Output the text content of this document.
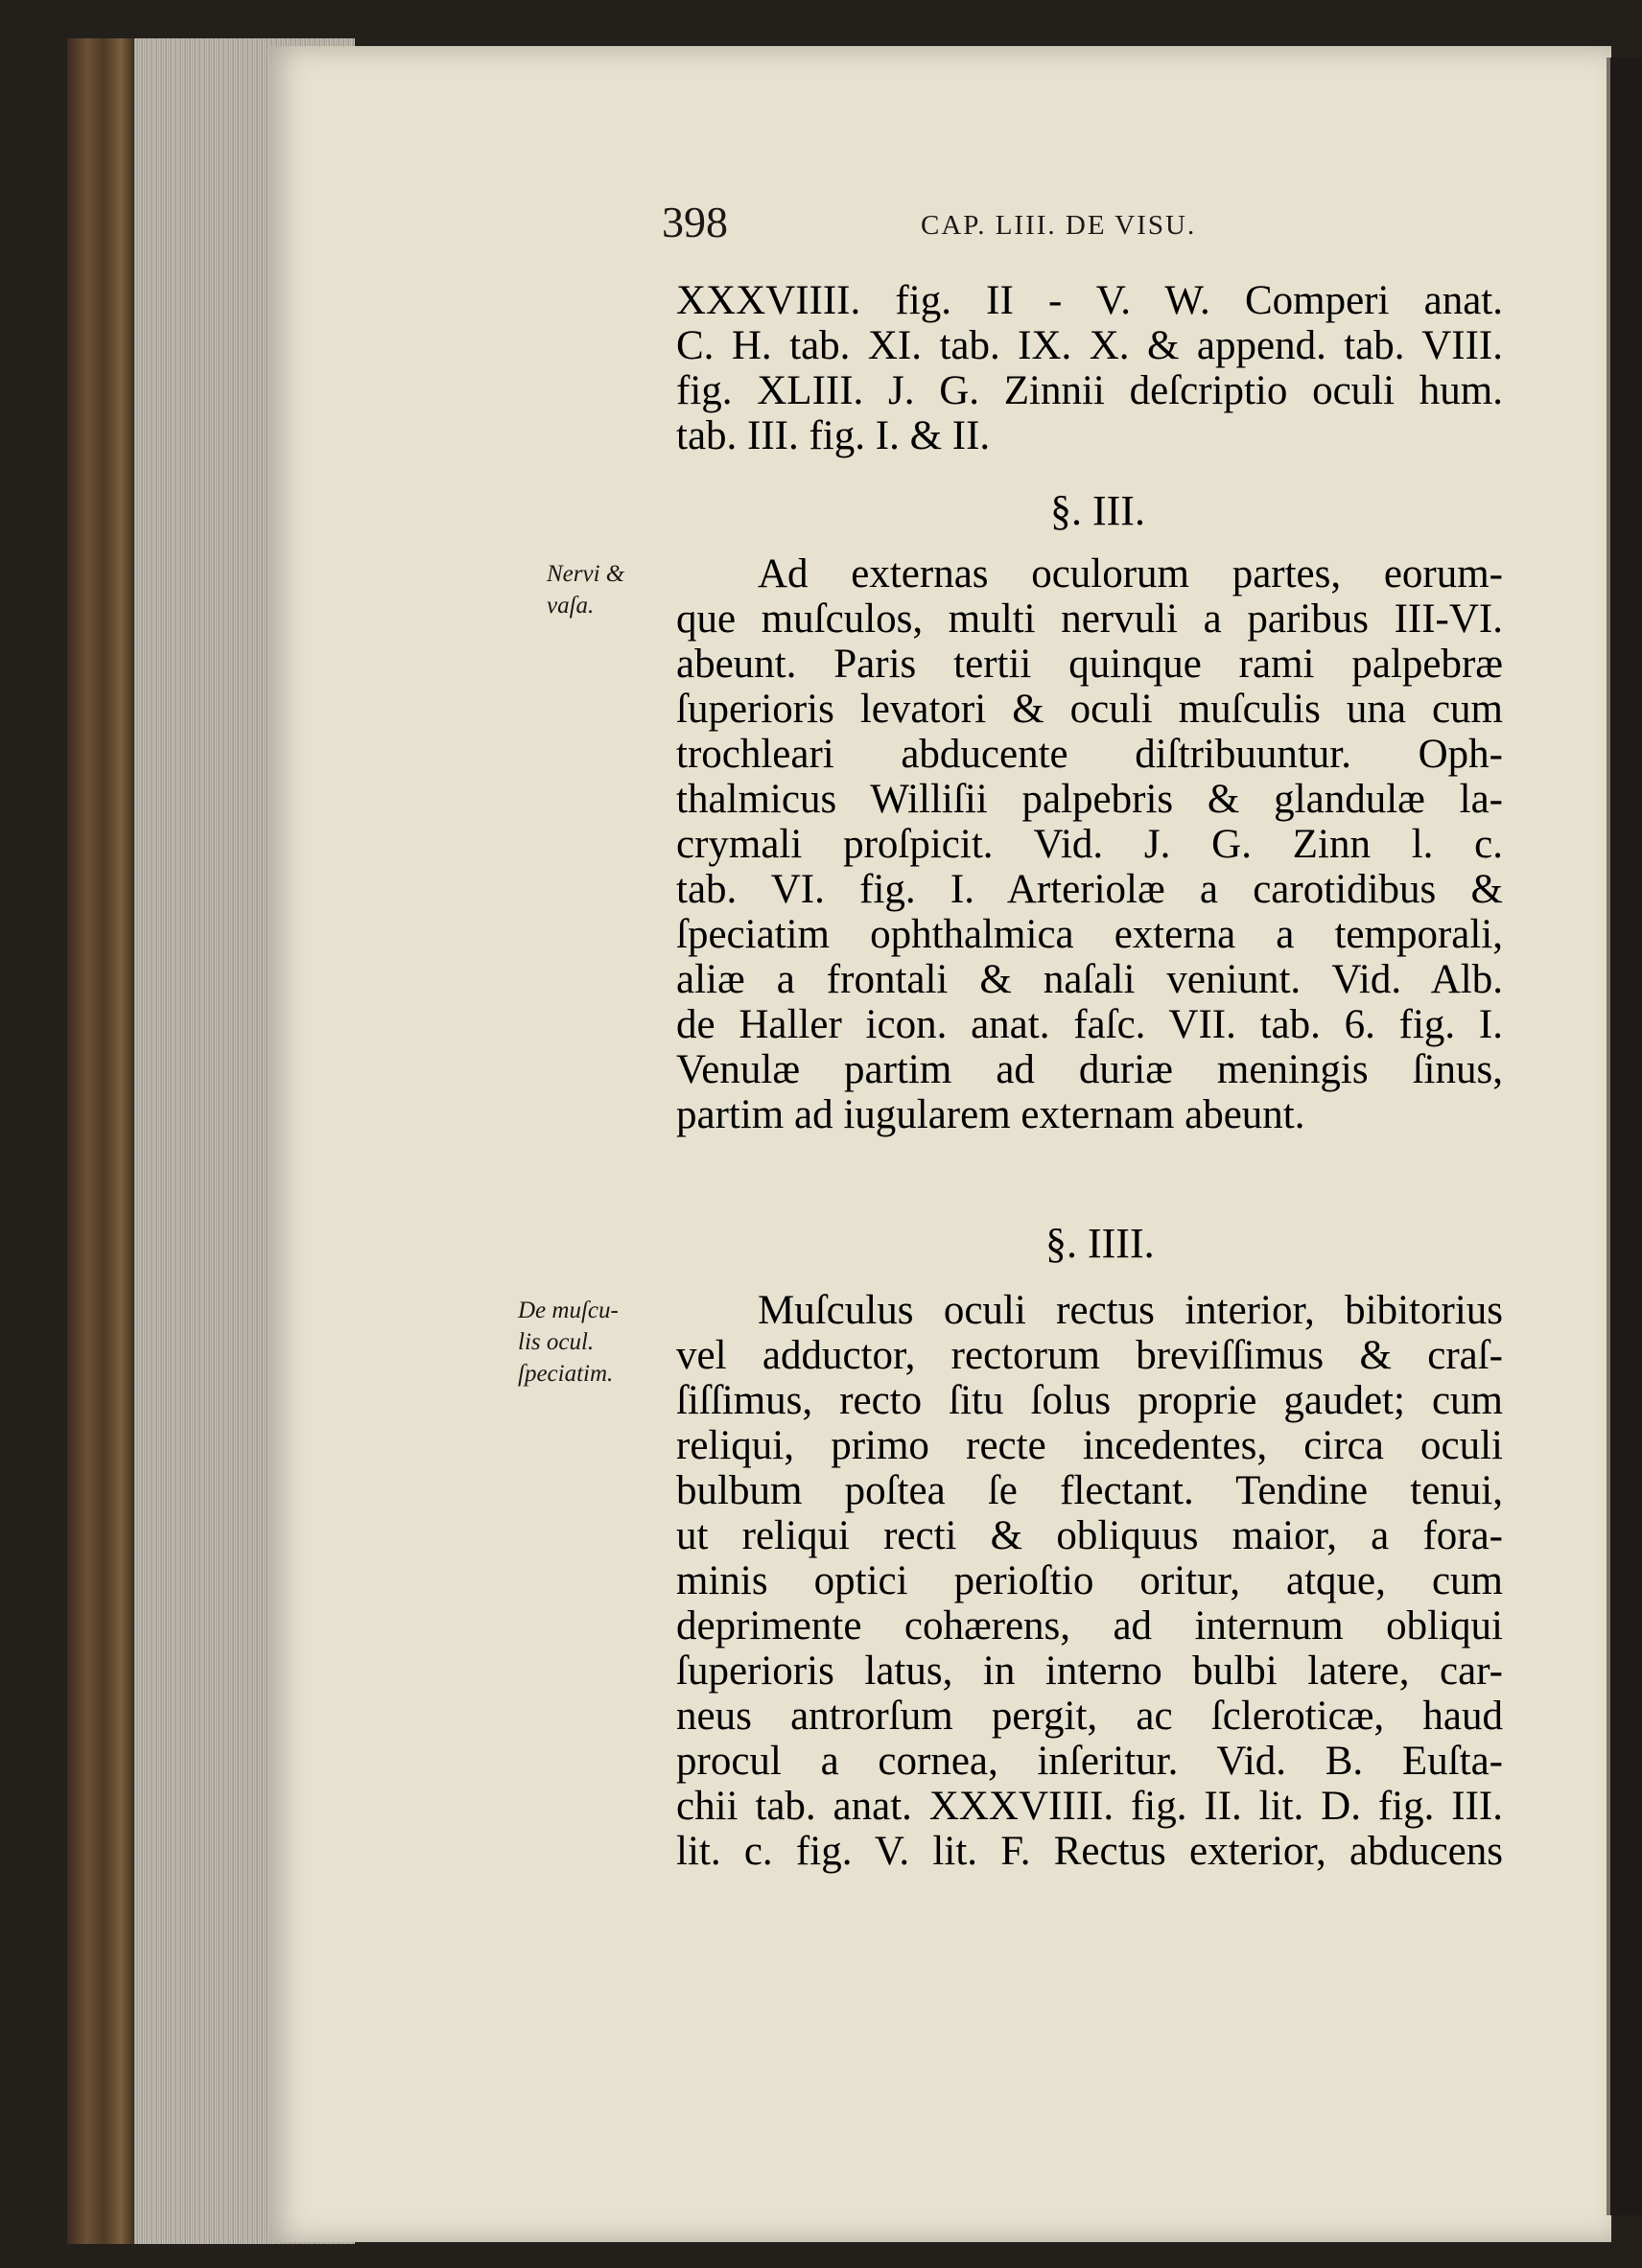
398	CAP. LIII. DE VISU.
XXXVIIII. fig. II - V. W. Comperi anat.
C. H. tab. XI. tab. IX. X. & append. tab. VIII.
fig. XLIII. J. G. Zinnii deſcriptio oculi hum.
tab. III. fig. I. & II.
§. III.
Nervi &
vaſa.
Ad externas oculorum partes, eorum-
que muſculos, multi nervuli a paribus III-VI.
abeunt. Paris tertii quinque rami palpebræ
ſuperioris levatori & oculi muſculis una cum
trochleari abducente diſtribuuntur. Oph-
thalmicus Williſii palpebris & glandulæ la-
crymali proſpicit. Vid. J. G. Zinn l. c.
tab. VI. fig. I. Arteriolæ a carotidibus &
ſpeciatim ophthalmica externa a temporali,
aliæ a frontali & naſali veniunt. Vid. Alb.
de Haller icon. anat. faſc. VII. tab. 6. fig. I.
Venulæ partim ad duriæ meningis ſinus,
partim ad iugularem externam abeunt.
§. IIII.
De muſcu-
lis ocul.
ſpeciatim.
Muſculus oculi rectus interior, bibitorius
vel adductor, rectorum breviſſimus & craſ-
ſiſſimus, recto ſitu ſolus proprie gaudet; cum
reliqui, primo recte incedentes, circa oculi
bulbum poſtea ſe flectant. Tendine tenui,
ut reliqui recti & obliquus maior, a fora-
minis optici perioſtio oritur, atque, cum
deprimente cohærens, ad internum obliqui
ſuperioris latus, in interno bulbi latere, car-
neus antrorſum pergit, ac ſcleroticæ, haud
procul a cornea, inſeritur. Vid. B. Euſta-
chii tab. anat. XXXVIIII. fig. II. lit. D. fig. III.
lit. c. fig. V. lit. F. Rectus exterior, abducens
